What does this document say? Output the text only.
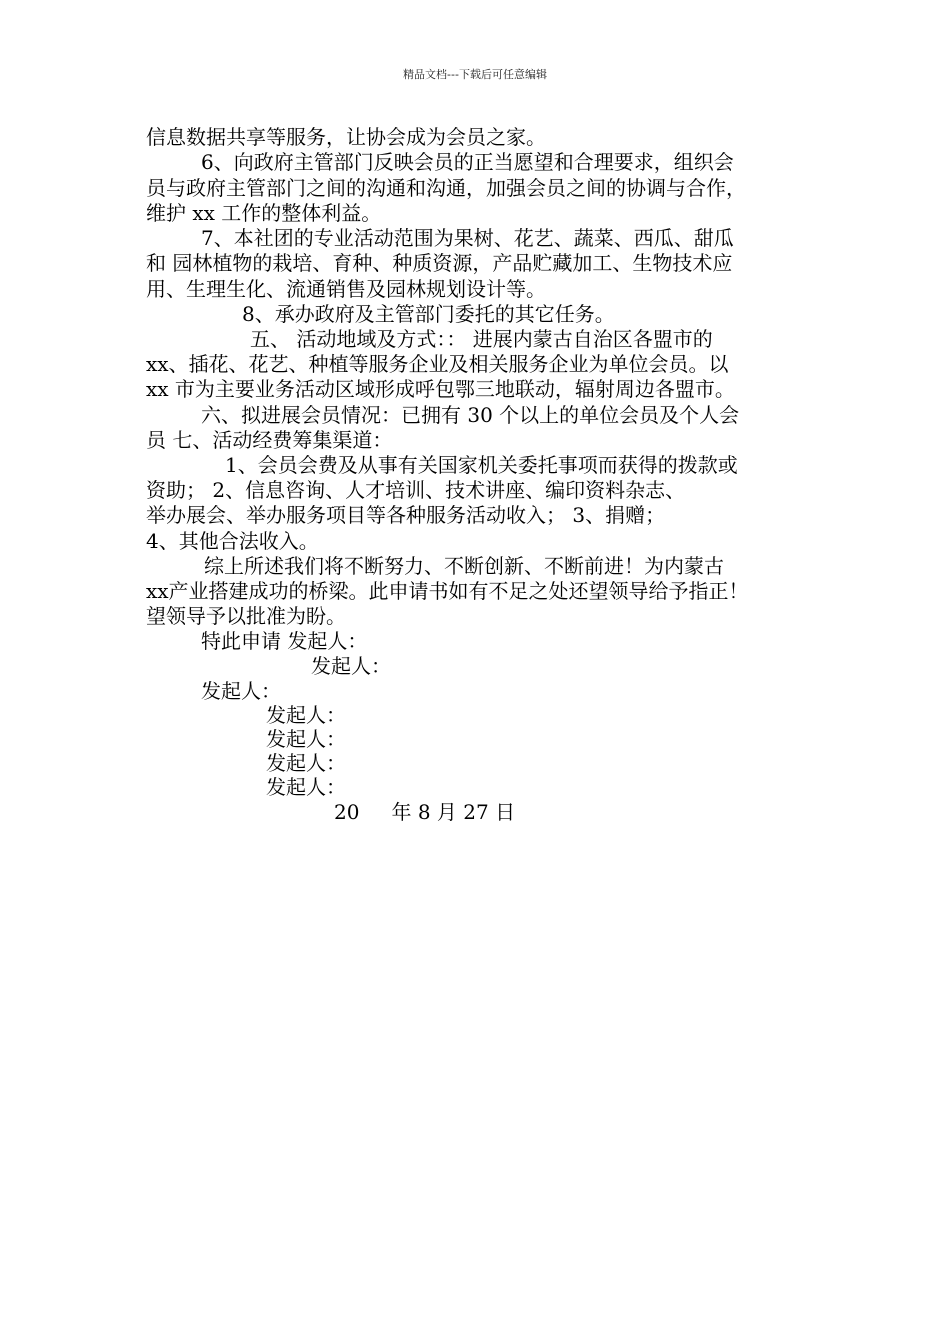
精品文档---下载后可任意编辑
信息数据共享等服务，让协会成为会员之家。
6、向政府主管部门反映会员的正当愿望和合理要求，组织会
员与政府主管部门之间的沟通和沟通，加强会员之间的协调与合作，
维护 xx 工作的整体利益。
7、本社团的专业活动范围为果树、花艺、蔬菜、西瓜、甜瓜
和 园林植物的栽培、育种、种质资源，产品贮藏加工、生物技术应
用、生理生化、流通销售及园林规划设计等。
8、承办政府及主管部门委托的其它任务。
五、 活动地域及方式：： 进展内蒙古自治区各盟市的
xx、插花、花艺、种植等服务企业及相关服务企业为单位会员。以
xx 市为主要业务活动区域形成呼包鄂三地联动，辐射周边各盟市。
六、拟进展会员情况：已拥有 30 个以上的单位会员及个人会
员 七、活动经费筹集渠道：
1、会员会费及从事有关国家机关委托事项而获得的拨款或
资助； 2、信息咨询、人才培训、技术讲座、编印资料杂志、
举办展会、举办服务项目等各种服务活动收入； 3、捐赠；
4、其他合法收入。
综上所述我们将不断努力、不断创新、不断前进！为内蒙古
xx产业搭建成功的桥梁。此申请书如有不足之处还望领导给予指正！
望领导予以批准为盼。
特此申请 发起人：
发起人：
发起人：
发起人：
发起人：
发起人：
发起人：
20 年 8 月 27 日
